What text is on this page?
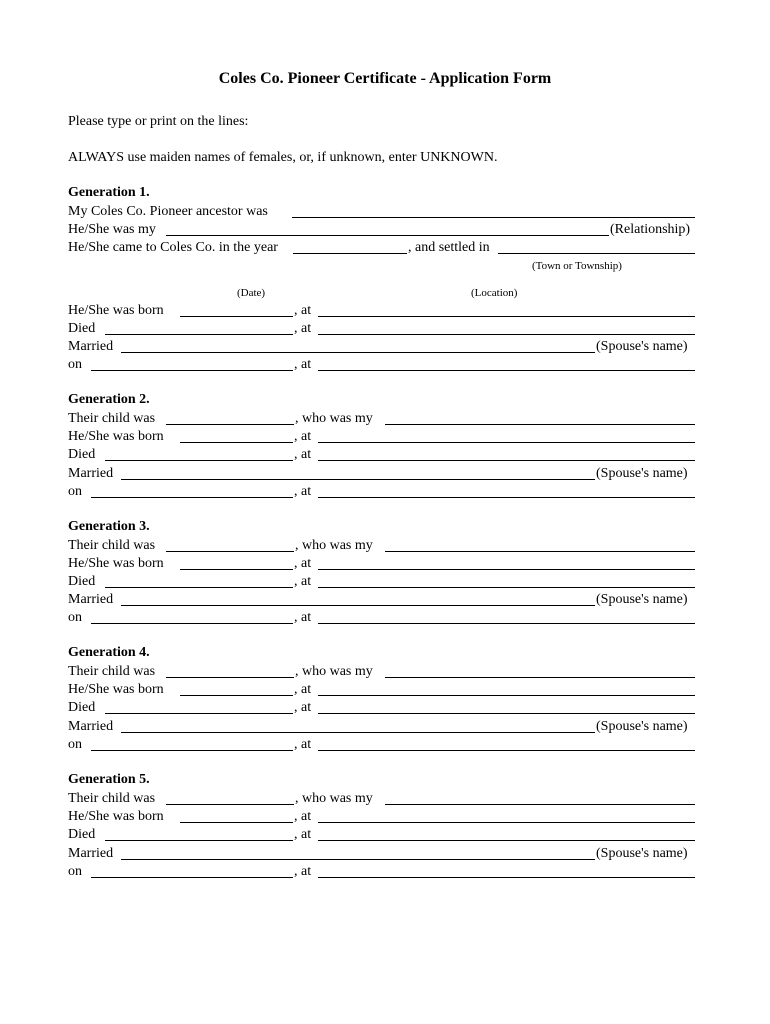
Coles Co. Pioneer Certificate - Application Form
Please type or print on the lines:
ALWAYS use maiden names of females, or, if unknown, enter UNKNOWN.
Generation 1.
My Coles Co. Pioneer ancestor was
He/She was my	(Relationship)
He/She came to Coles Co. in the year	, and settled in
(Town or Township)
(Date)	(Location)
He/She was born	, at
Died	, at
Married	(Spouse's name)
on	, at
Generation 2.
Their child was	, who was my
He/She was born	, at
Died	, at
Married	(Spouse's name)
on	, at
Generation 3.
Their child was	, who was my
He/She was born	, at
Died	, at
Married	(Spouse's name)
on	, at
Generation 4.
Their child was	, who was my
He/She was born	, at
Died	, at
Married	(Spouse's name)
on	, at
Generation 5.
Their child was	, who was my
He/She was born	, at
Died	, at
Married	(Spouse's name)
on	, at
